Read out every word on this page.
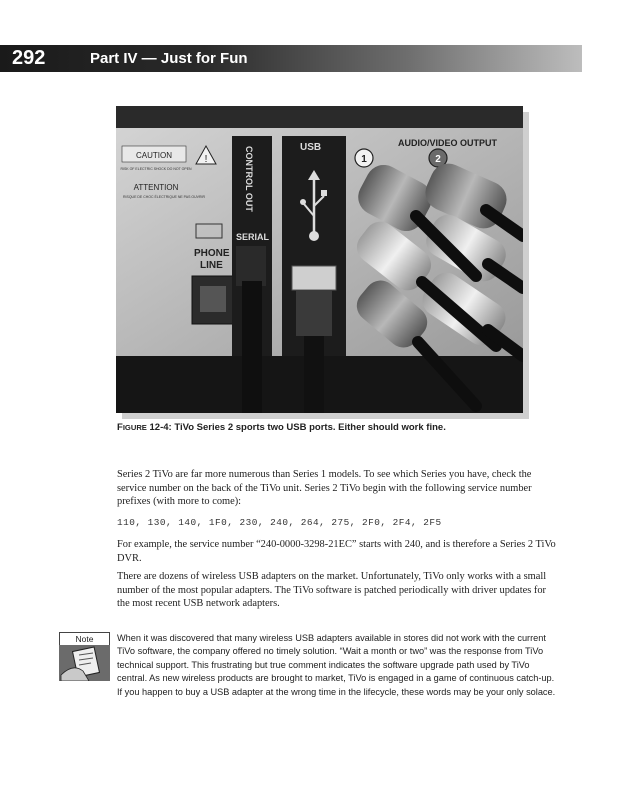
292	Part IV — Just for Fun
CAUTION
RISK OF ELECTRIC SHOCK DO NOT OPEN
ATTENTION
RISQUE DE CHOC ÉLECTRIQUE NE PAS OUVRIR
!
PHONE
LINE
CONTROL OUT
SERIAL
USB	AUDIO/VIDEO OUTPUT
1	2
FIGURE 12-4: TiVo Series 2 sports two USB ports. Either should work fine.

Series 2 TiVo are far more numerous than Series 1 models. To see which Series you have, check the service number on the back of the TiVo unit. Series 2 TiVo begin with the following service number prefixes (with more to come):

110, 130, 140, 1F0, 230, 240, 264, 275, 2F0, 2F4, 2F5

For example, the service number “240-0000-3298-21EC” starts with 240, and is therefore a Series 2 TiVo DVR.

There are dozens of wireless USB adapters on the market. Unfortunately, TiVo only works with a small number of the most popular adapters. The TiVo software is patched periodically with driver updates for the most recent USB network adapters.

Note	When it was discovered that many wireless USB adapters available in stores did not work with the current TiVo software, the company offered no timely solution. “Wait a month or two” was the response from TiVo technical support. This frustrating but true comment indicates the software upgrade path used by TiVo central. As new wireless products are brought to market, TiVo is engaged in a game of continuous catch-up. If you happen to buy a USB adapter at the wrong time in the lifecycle, these words may be your only solace.
